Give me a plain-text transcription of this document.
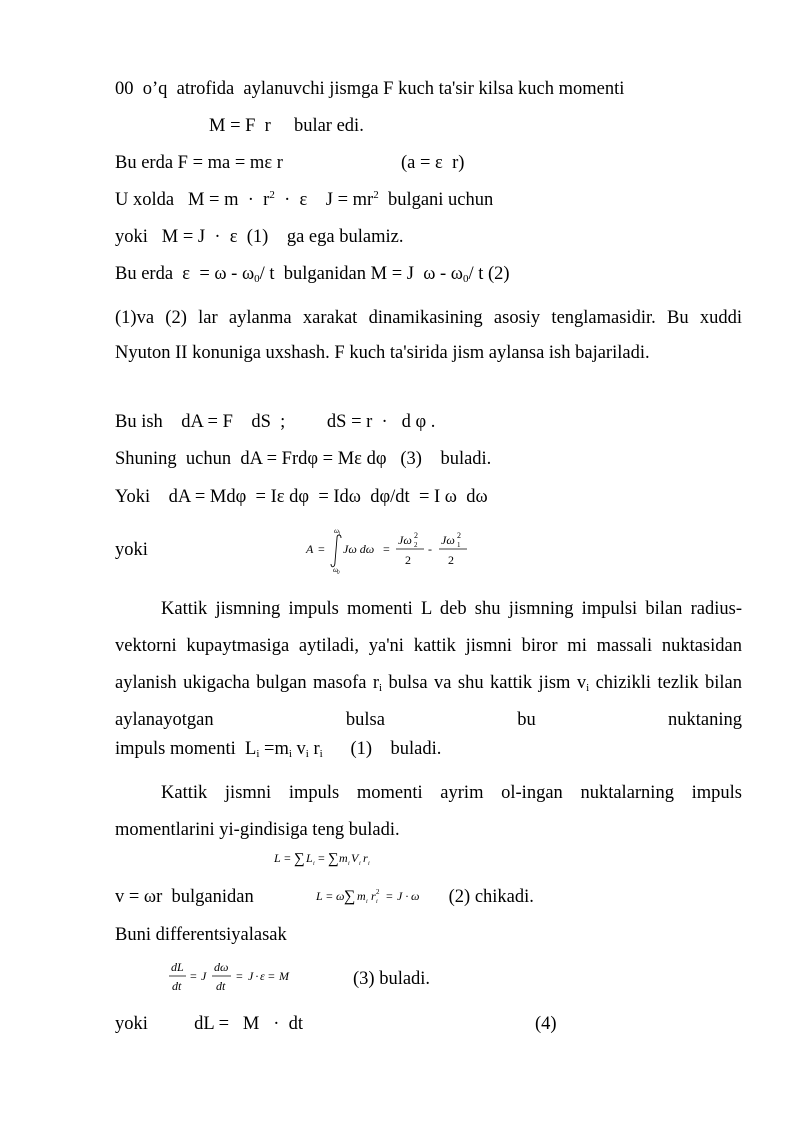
00  o’q  atrofida  aylanuvchi jismga F kuch ta'sir kilsa kuch momenti
M = F  r     bular edi.
Bu erda F = ma = mε r	(a = ε  r)
U xolda   $M = m \cdot r^2 \cdot \varepsilon$    $J = mr^2$  bulgani uchun
yoki   M = J  ·  ε  (1)    ga ega bulamiz.
Bu erda  $\varepsilon = \omega - \omega_0/$ t  bulganidan M = J  ω - $\omega_0/$ t (2)
(1)va (2) lar aylanma xarakat dinamikasining asosiy tenglamasidir. Bu xuddi Nyuton II konuniga uxshash. F kuch ta'sirida jism aylansa ish bajariladi.
Bu ish    dA = F    dS  ;         dS = r  ·   d φ .
Shuning  uchun  dA = Frdφ = Mε dφ   (3)    buladi.
Yoki    dA = Mdφ  = Iε dφ  = Idω  dφ/dt  = I ω  dω
yoki	A =
ω 1
ω 0
Jω dω =
Jω 2
2
2
-
Jω 2
1
2
Kattik jismning impuls momenti L deb shu jismning impulsi bilan radius-vektorni kupaytmasiga aytiladi, ya'ni kattik jismni biror mi massali nuktasidan aylanish ukigacha bulgan masofa $r_i$ bulsa va shu kattik jism $v_i$ chizikli tezlik bilan aylanayotgan bulsa bu nuktaning
impuls momenti  $L_i =m_i$ $v_i$ $r_i$      (1)    buladi.
Kattik jismni impuls momenti ayrim ol-ingan nuktalarning impuls momentlarini yi-gindisiga teng buladi.
L = ∑ L i = ∑ m i V i r i
v = ωr  bulganidan	L = ω ∑ m i r 2
i = J · ω (2) chikadi.
Buni differentsiyalasak
dL
dt
= J
dω
dt
= J · ε = M	(3) buladi.
yoki          dL =   M   ·  dt	(4)
